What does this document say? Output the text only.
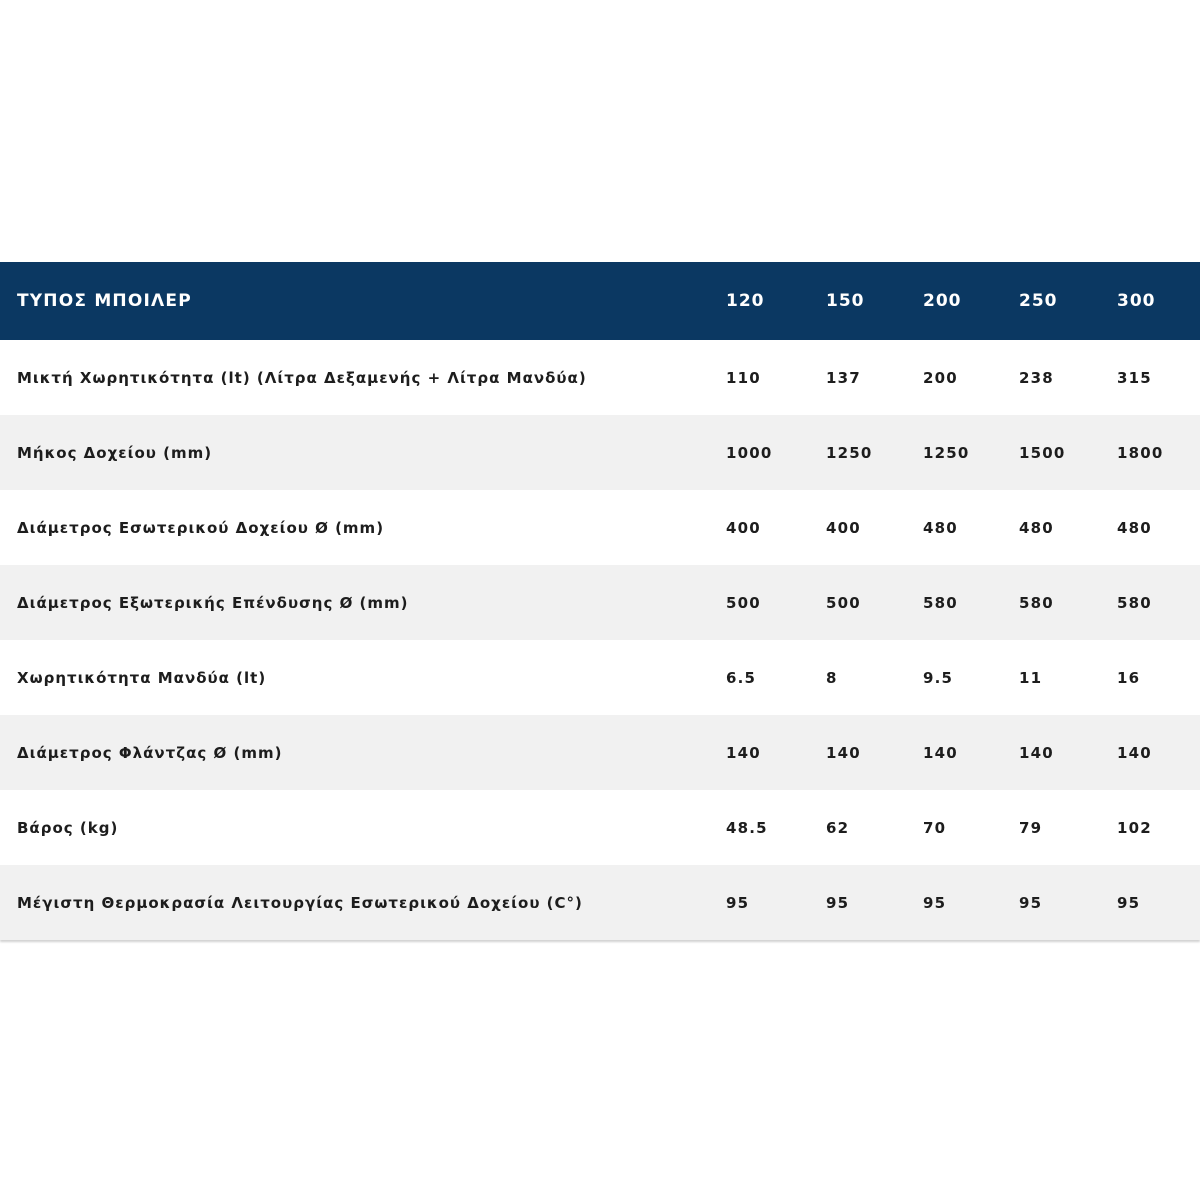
ΤΥΠΟΣ ΜΠΟΙΛΕΡ	120	150	200	250	300
Μικτή Χωρητικότητα (lt) (Λίτρα Δεξαμενής + Λίτρα Μανδύα)	110	137	200	238	315
Μήκος Δοχείου (mm)	1000	1250	1250	1500	1800
Διάμετρος Εσωτερικού Δοχείου Ø (mm)	400	400	480	480	480
Διάμετρος Εξωτερικής Επένδυσης Ø (mm)	500	500	580	580	580
Χωρητικότητα Μανδύα (lt)	6.5	8	9.5	11	16
Διάμετρος Φλάντζας Ø (mm)	140	140	140	140	140
Βάρος (kg)	48.5	62	70	79	102
Μέγιστη Θερμοκρασία Λειτουργίας Εσωτερικού Δοχείου (C°)	95	95	95	95	95
